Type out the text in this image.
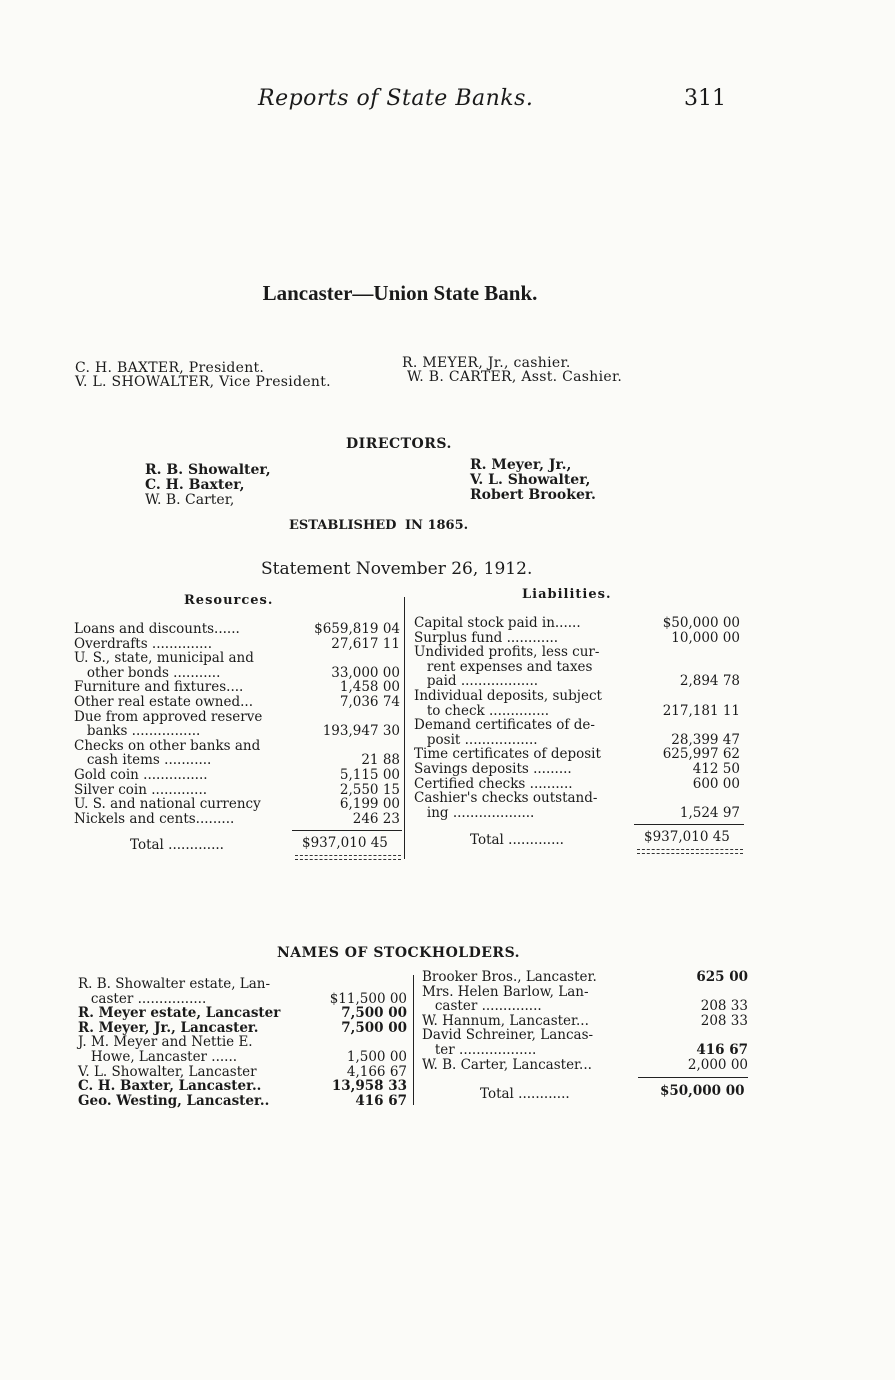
Reports of State Banks.	311
Lancaster—Union State Bank.
C. H. BAXTER, President.
V. L. SHOWALTER, Vice President.
R. MEYER, Jr., cashier.
W. B. CARTER, Asst. Cashier.
DIRECTORS.
R. B. Showalter,
C. H. Baxter,
W. B. Carter,
R. Meyer, Jr.,
V. L. Showalter,
Robert Brooker.
ESTABLISHED IN 1865.
Statement November 26, 1912.
Resources.	Liabilities.
Loans and discounts......	$659,819 04
Overdrafts ..............	27,617 11
U. S., state, municipal and
other bonds ...........	33,000 00
Furniture and fixtures....	1,458 00
Other real estate owned...	7,036 74
Due from approved reserve
banks ................	193,947 30
Checks on other banks and
cash items ...........	21 88
Gold coin ...............	5,115 00
Silver coin .............	2,550 15
U. S. and national currency	6,199 00
Nickels and cents.........	246 23
Total .............	$937,010 45
Capital stock paid in......	$50,000 00
Surplus fund ............	10,000 00
Undivided profits, less cur-
rent expenses and taxes
paid ..................	2,894 78
Individual deposits, subject
to check ..............	217,181 11
Demand certificates of de-
posit .................	28,399 47
Time certificates of deposit	625,997 62
Savings deposits .........	412 50
Certified checks ..........	600 00
Cashier's checks outstand-
ing ...................	1,524 97
Total .............	$937,010 45
NAMES OF STOCKHOLDERS.
R. B. Showalter estate, Lan-
caster ................	$11,500 00
R. Meyer estate, Lancaster	7,500 00
R. Meyer, Jr., Lancaster.	7,500 00
J. M. Meyer and Nettie E.
Howe, Lancaster ......	1,500 00
V. L. Showalter, Lancaster	4,166 67
C. H. Baxter, Lancaster..	13,958 33
Geo. Westing, Lancaster..	416 67
Brooker Bros., Lancaster.	625 00
Mrs. Helen Barlow, Lan-
caster ..............	208 33
W. Hannum, Lancaster...	208 33
David Schreiner, Lancas-
ter ..................	416 67
W. B. Carter, Lancaster...	2,000 00
Total ............	$50,000 00
